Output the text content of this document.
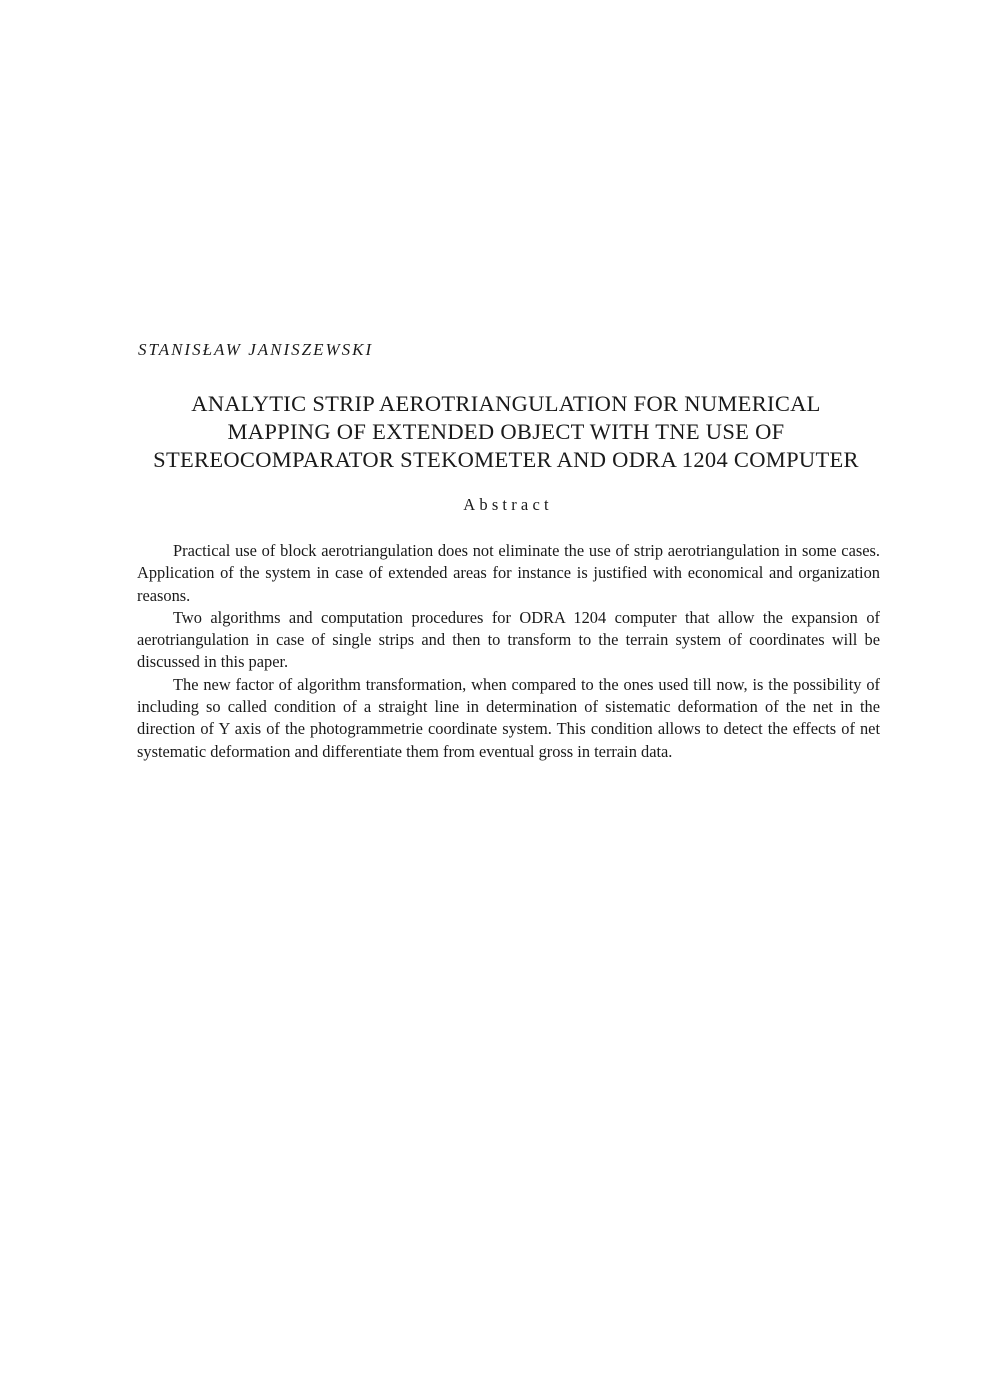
STANISŁAW JANISZEWSKI
ANALYTIC STRIP AEROTRIANGULATION FOR NUMERICAL
MAPPING OF EXTENDED OBJECT WITH TNE USE OF
STEREOCOMPARATOR STEKOMETER AND ODRA 1204 COMPUTER
Abstract

Practical use of block aerotriangulation does not eliminate the use of strip aerotriangulation in some cases. Application of the system in case of extended areas for instance is justified with economical and organization reasons.

Two algorithms and computation procedures for ODRA 1204 computer that allow the expansion of aerotriangulation in case of single strips and then to transform to the terrain system of coordinates will be discussed in this paper.

The new factor of algorithm transformation, when compared to the ones used till now, is the possibility of including so called condition of a straight line in determination of sistematic deformation of the net in the direction of Y axis of the photogrammetrie coordinate system. This condition allows to detect the effects of net systematic deformation and differentiate them from eventual gross in terrain data.
